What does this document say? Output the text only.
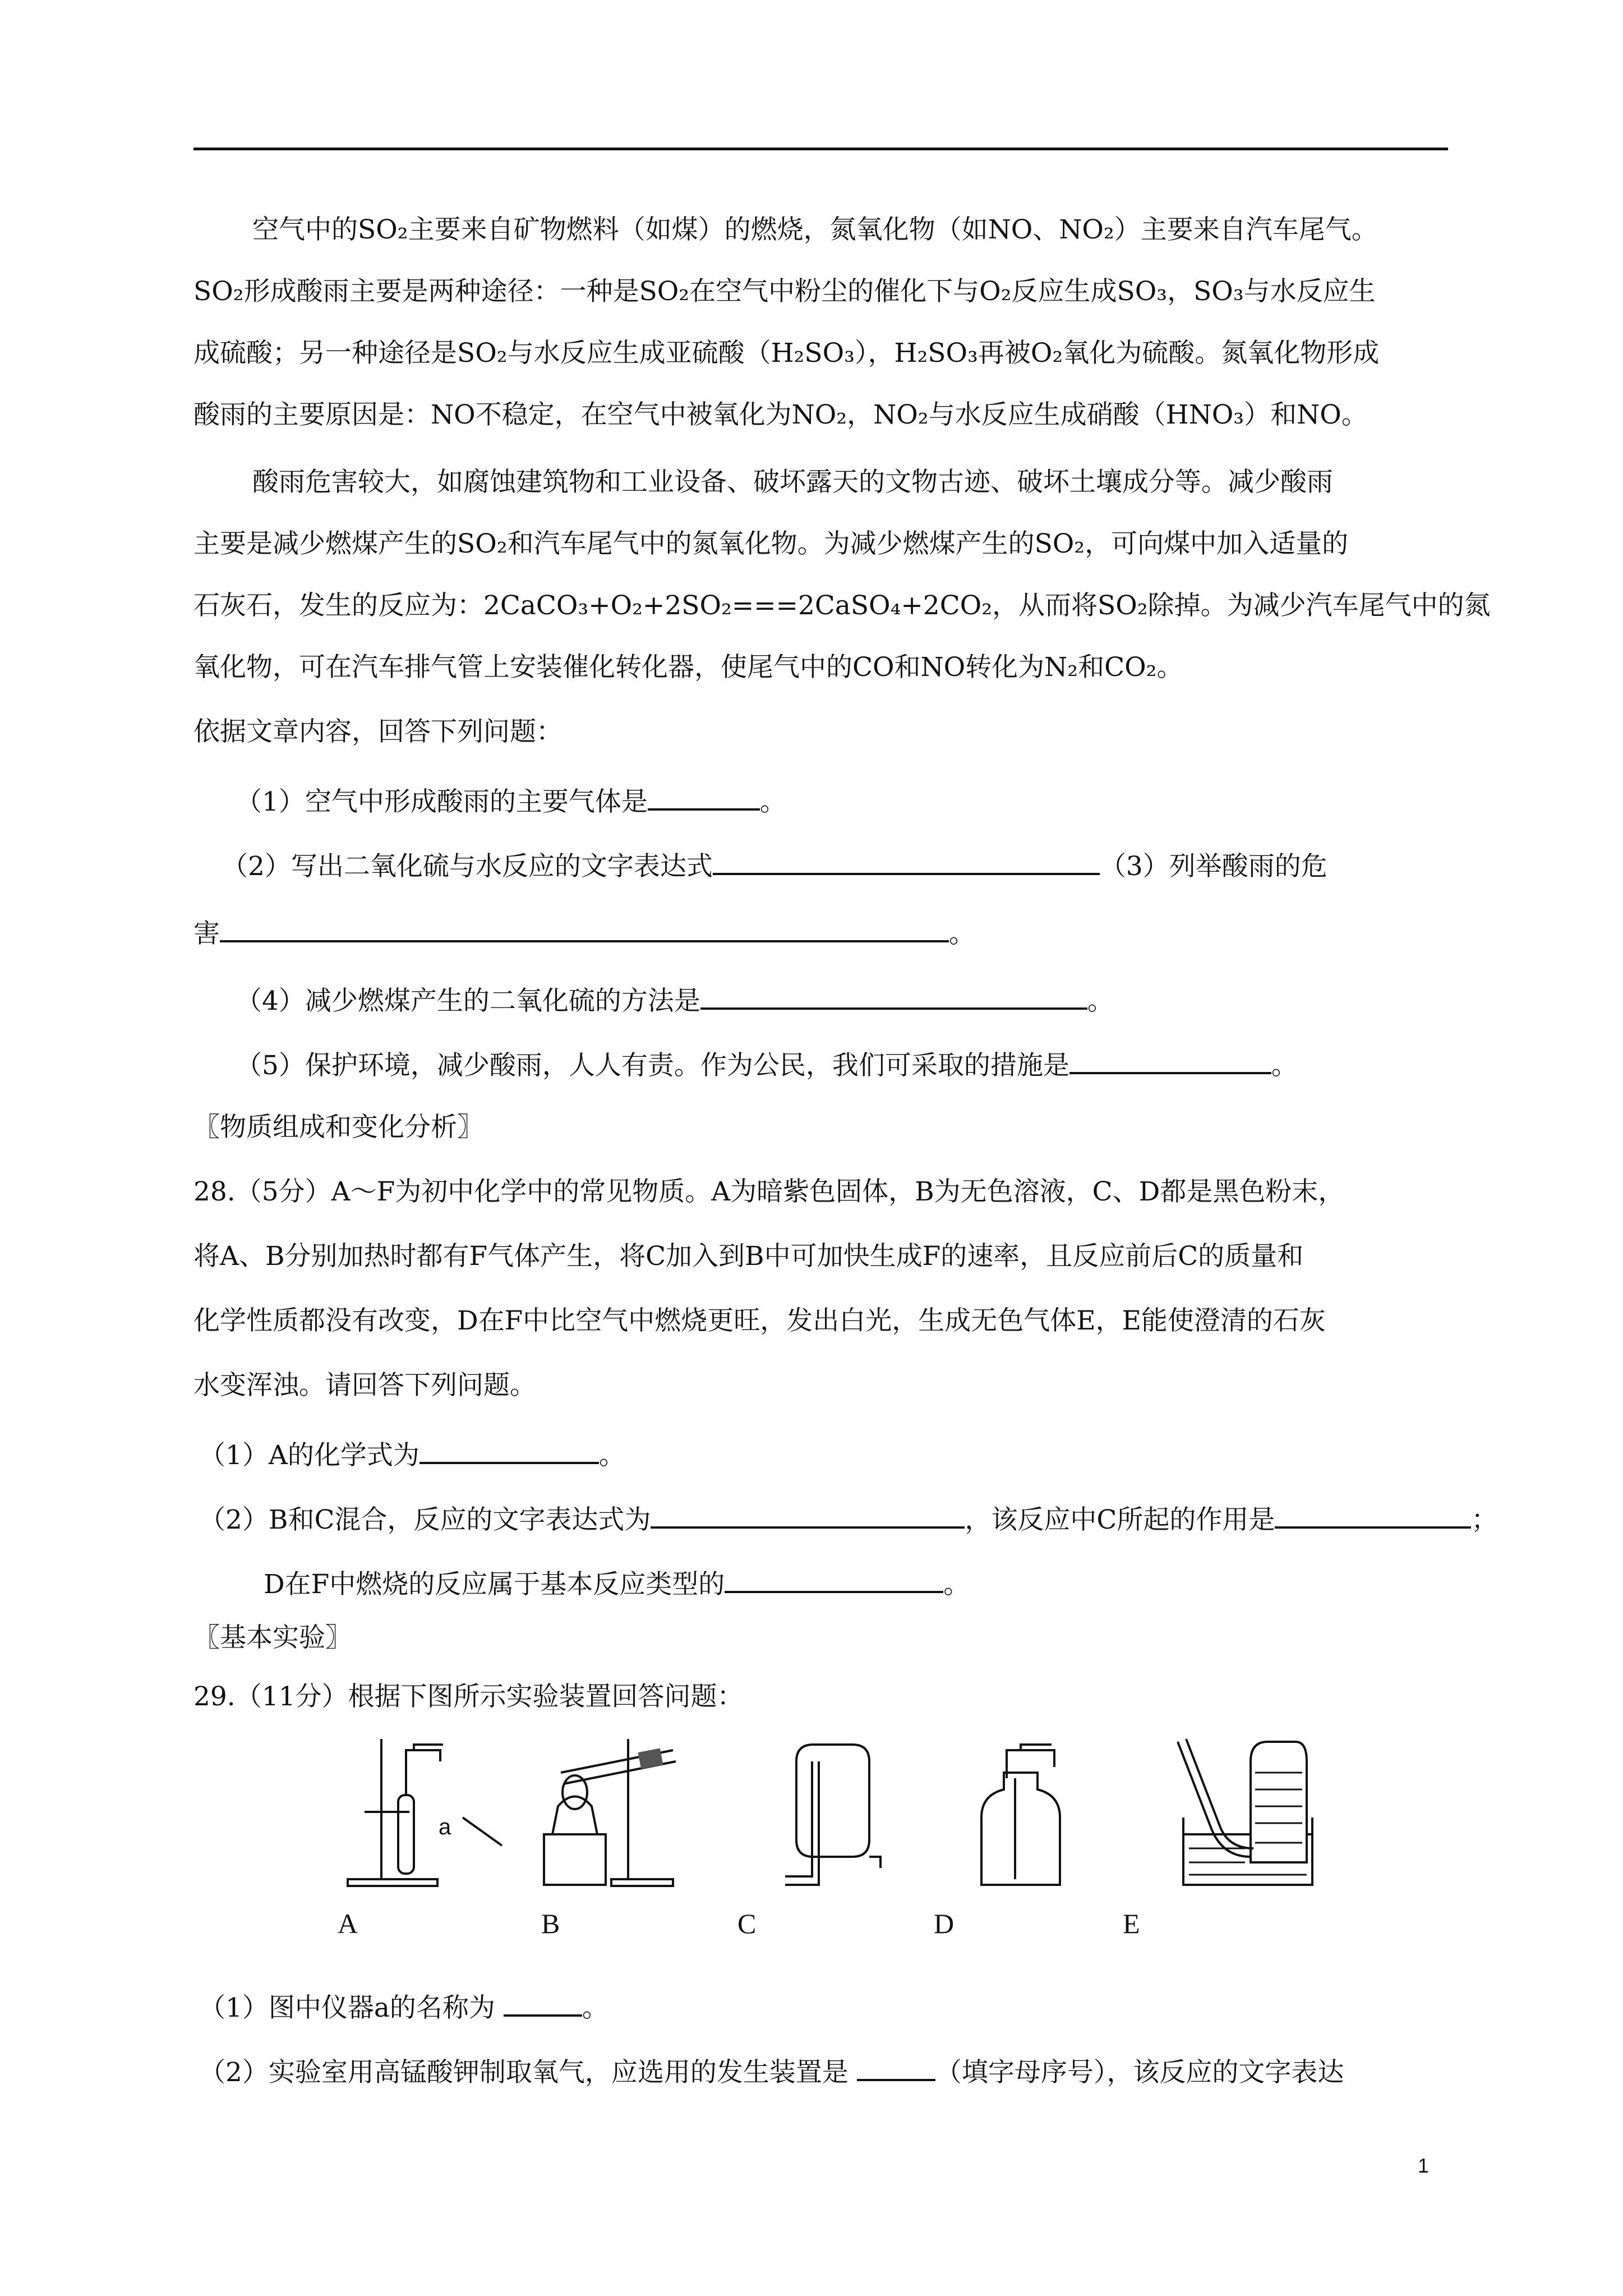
空气中的SO₂主要来自矿物燃料（如煤）的燃烧，氮氧化物（如NO、NO₂）主要来自汽车尾气。
SO₂形成酸雨主要是两种途径：一种是SO₂在空气中粉尘的催化下与O₂反应生成SO₃，SO₃与水反应生
成硫酸；另一种途径是SO₂与水反应生成亚硫酸（H₂SO₃），H₂SO₃再被O₂氧化为硫酸。氮氧化物形成
酸雨的主要原因是：NO不稳定，在空气中被氧化为NO₂，NO₂与水反应生成硝酸（HNO₃）和NO。
酸雨危害较大，如腐蚀建筑物和工业设备、破坏露天的文物古迹、破坏土壤成分等。减少酸雨
主要是减少燃煤产生的SO₂和汽车尾气中的氮氧化物。为减少燃煤产生的SO₂，可向煤中加入适量的
石灰石，发生的反应为：2CaCO₃+O₂+2SO₂===2CaSO₄+2CO₂，从而将SO₂除掉。为减少汽车尾气中的氮
氧化物，可在汽车排气管上安装催化转化器，使尾气中的CO和NO转化为N₂和CO₂。
依据文章内容，回答下列问题：
（1）空气中形成酸雨的主要气体是	。
（2）写出二氧化硫与水反应的文字表达式	（3）列举酸雨的危
害	。
（4）减少燃煤产生的二氧化硫的方法是	。
（5）保护环境，减少酸雨，人人有责。作为公民，我们可采取的措施是	。
〖物质组成和变化分析〗
28.（5分）A～F为初中化学中的常见物质。A为暗紫色固体，B为无色溶液，C、D都是黑色粉末，
将A、B分别加热时都有F气体产生，将C加入到B中可加快生成F的速率，且反应前后C的质量和
化学性质都没有改变，D在F中比空气中燃烧更旺，发出白光，生成无色气体E，E能使澄清的石灰
水变浑浊。请回答下列问题。
（1）A的化学式为	。
（2）B和C混合，反应的文字表达式为	，该反应中C所起的作用是	；
D在F中燃烧的反应属于基本反应类型的	。
〖基本实验〗
29.（11分）根据下图所示实验装置回答问题：
a
A	B	C	D	E
（1）图中仪器a的名称为	。
（2）实验室用高锰酸钾制取氧气，应选用的发生装置是	（填字母序号），该反应的文字表达
1
